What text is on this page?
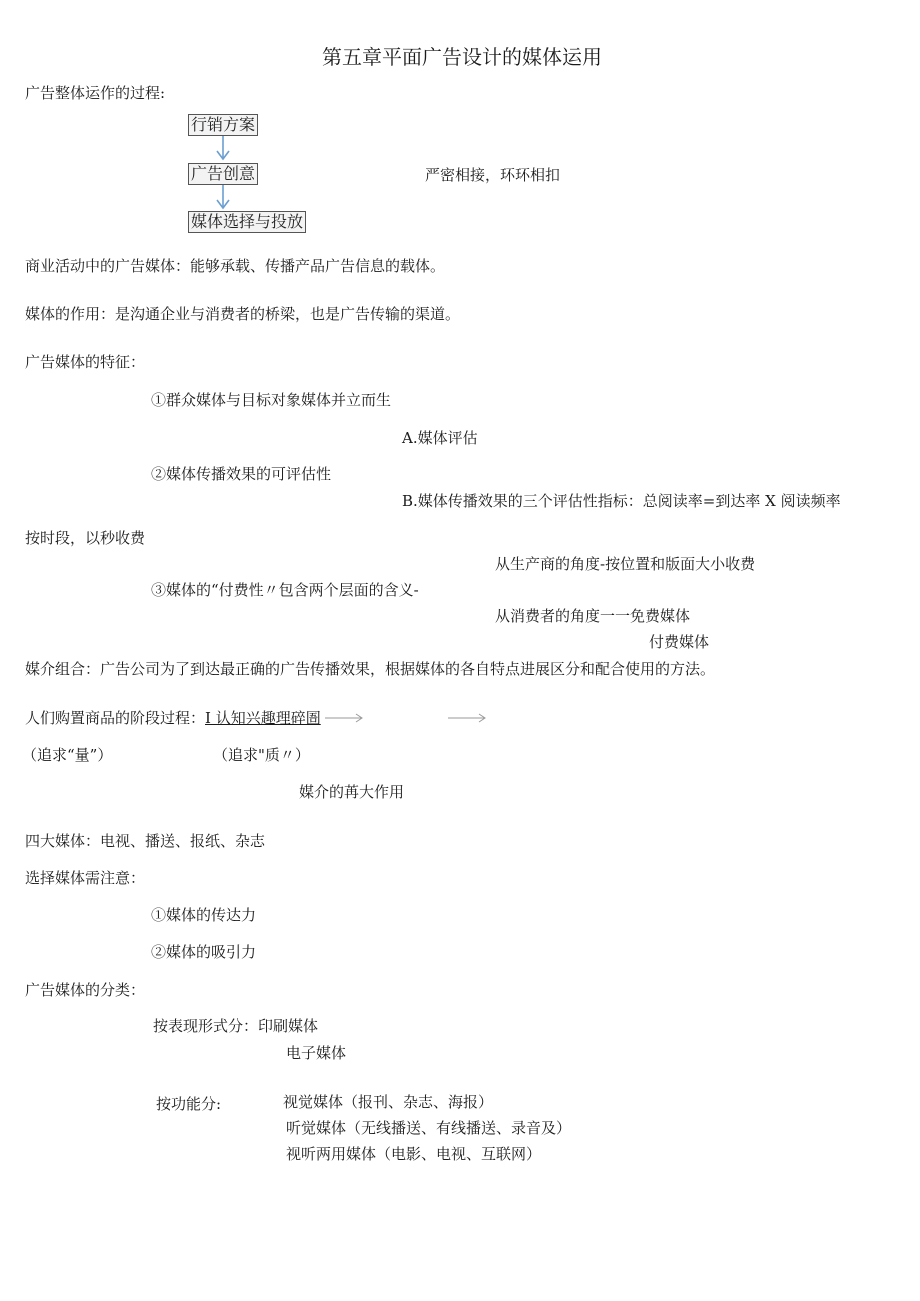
第五章平面广告设计的媒体运用
广告整体运作的过程:
行销方案
广告创意
媒体选择与投放
严密相接，环环相扣
商业活动中的广告媒体：能够承载、传播产品广告信息的载体。
媒体的作用：是沟通企业与消费者的桥梁，也是广告传输的渠道。
广告媒体的特征：
①群众媒体与目标对象媒体并立而生
A.媒体评估
②媒体传播效果的可评估性
B.媒体传播效果的三个评估性指标：总阅读率=到达率 X 阅读频率
按时段，以秒收费
从生产商的角度-按位置和版面大小收费
③媒体的“付费性〃包含两个层面的含义-
从消费者的角度一一免费媒体
付费媒体
媒介组合：广告公司为了到达最正确的广告传播效果，根据媒体的各自特点进展区分和配合使用的方法。
人们购置商品的阶段过程：I 认知兴趣理碎圄
（追求“量”）	（追求"质〃）
媒介的苒大作用
四大媒体：电视、播送、报纸、杂志
选择媒体需注意：
①媒体的传达力
②媒体的吸引力
广告媒体的分类：
按表现形式分：印刷媒体
电子媒体
按功能分:	视觉媒体（报刊、杂志、海报）
听觉媒体（无线播送、有线播送、录音及）
视听两用媒体（电影、电视、互联网）
